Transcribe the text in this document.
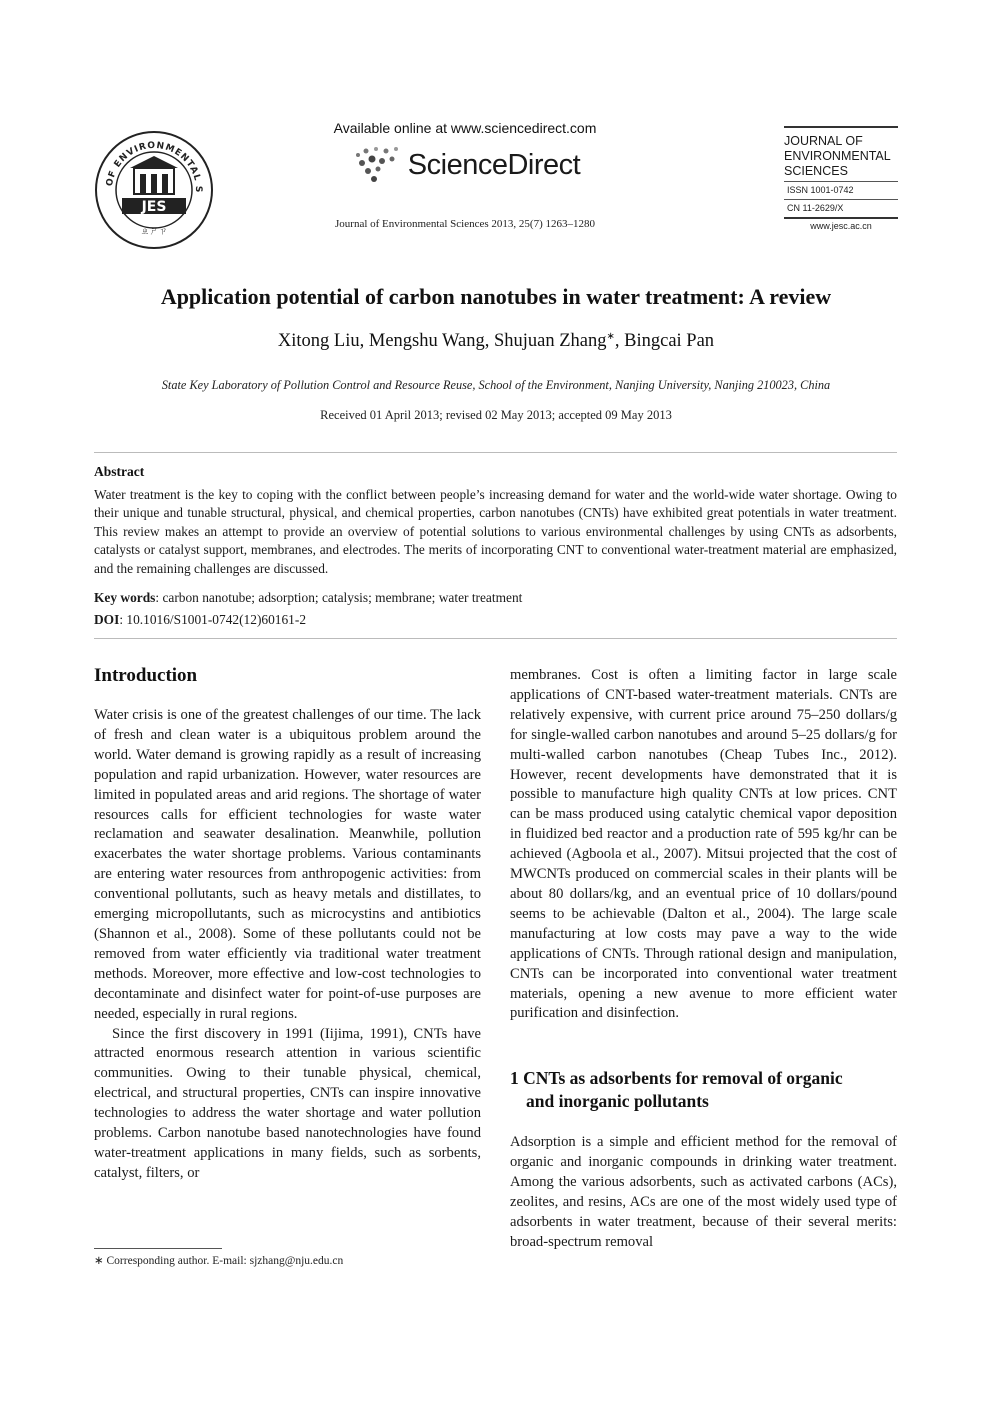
OF ENVIRONMENTAL S
JES
ㄓㄕㄗ
Available online at www.sciencedirect.com
ScienceDirect
Journal of Environmental Sciences 2013, 25(7) 1263–1280
JOURNAL OF
ENVIRONMENTAL
SCIENCES
ISSN 1001-0742
CN 11-2629/X
www.jesc.ac.cn
Application potential of carbon nanotubes in water treatment: A review
Xitong Liu, Mengshu Wang, Shujuan Zhang∗, Bingcai Pan
State Key Laboratory of Pollution Control and Resource Reuse, School of the Environment, Nanjing University, Nanjing 210023, China
Received 01 April 2013; revised 02 May 2013; accepted 09 May 2013
Abstract
Water treatment is the key to coping with the conflict between people’s increasing demand for water and the world-wide water shortage. Owing to their unique and tunable structural, physical, and chemical properties, carbon nanotubes (CNTs) have exhibited great potentials in water treatment. This review makes an attempt to provide an overview of potential solutions to various environmental challenges by using CNTs as adsorbents, catalysts or catalyst support, membranes, and electrodes. The merits of incorporating CNT to conventional water-treatment material are emphasized, and the remaining challenges are discussed.
Key words: carbon nanotube; adsorption; catalysis; membrane; water treatment
DOI: 10.1016/S1001-0742(12)60161-2
Introduction

Water crisis is one of the greatest challenges of our time. The lack of fresh and clean water is a ubiquitous problem around the world. Water demand is growing rapidly as a result of increasing population and rapid urbanization. However, water resources are limited in populated areas and arid regions. The shortage of water resources calls for efficient technologies for waste water reclamation and seawater desalination. Meanwhile, pollution exacerbates the water shortage problems. Various contaminants are entering water resources from anthropogenic activities: from conventional pollutants, such as heavy metals and distillates, to emerging micropollutants, such as microcystins and antibiotics (Shannon et al., 2008). Some of these pollutants could not be removed from water efficiently via traditional water treatment methods. Moreover, more effective and low-cost technologies to decontaminate and disinfect water for point-of-use purposes are needed, especially in rural regions.

Since the first discovery in 1991 (Iijima, 1991), CNTs have attracted enormous research attention in various scientific communities. Owing to their tunable physical, chemical, electrical, and structural properties, CNTs can inspire innovative technologies to address the water shortage and water pollution problems. Carbon nanotube based nanotechnologies have found water-treatment applications in many fields, such as sorbents, catalyst, filters, or

membranes. Cost is often a limiting factor in large scale applications of CNT-based water-treatment materials. CNTs are relatively expensive, with current price around 75–250 dollars/g for single-walled carbon nanotubes and around 5–25 dollars/g for multi-walled carbon nanotubes (Cheap Tubes Inc., 2012). However, recent developments have demonstrated that it is possible to manufacture high quality CNTs at low prices. CNT can be mass produced using catalytic chemical vapor deposition in fluidized bed reactor and a production rate of 595 kg/hr can be achieved (Agboola et al., 2007). Mitsui projected that the cost of MWCNTs produced on commercial scales in their plants will be about 80 dollars/kg, and an eventual price of 10 dollars/pound seems to be achievable (Dalton et al., 2004). The large scale manufacturing at low costs may pave a way to the wide applications of CNTs. Through rational design and manipulation, CNTs can be incorporated into conventional water treatment materials, opening a new avenue to more efficient water purification and disinfection.

1 CNTs as adsorbents for removal of organic
and inorganic pollutants

Adsorption is a simple and efficient method for the removal of organic and inorganic compounds in drinking water treatment. Among the various adsorbents, such as activated carbons (ACs), zeolites, and resins, ACs are one of the most widely used type of adsorbents in water treatment, because of their several merits: broad-spectrum removal

∗ Corresponding author. E-mail: sjzhang@nju.edu.cn
